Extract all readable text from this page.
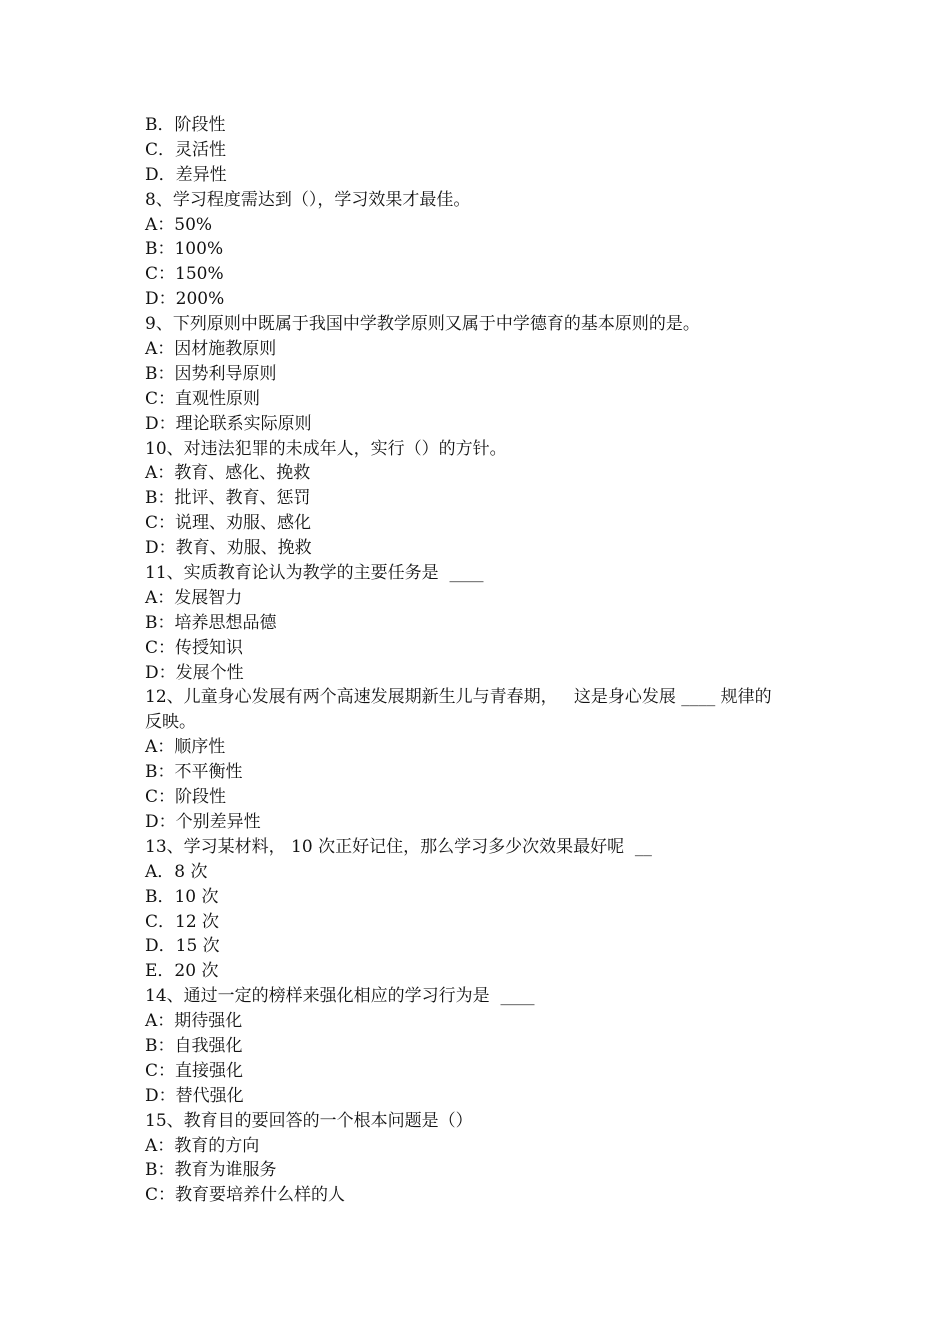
B．阶段性
C．灵活性
D．差异性
8、学习程度需达到（），学习效果才最佳。
A：50%
B：100%
C：150%
D：200%
9、下列原则中既属于我国中学教学原则又属于中学德育的基本原则的是。
A：因材施教原则
B：因势利导原则
C：直观性原则
D：理论联系实际原则
10、对违法犯罪的未成年人，实行（）的方针。
A：教育、感化、挽救
B：批评、教育、惩罚
C：说理、劝服、感化
D：教育、劝服、挽救
11、实质教育论认为教学的主要任务是  ____
A：发展智力
B：培养思想品德
C：传授知识
D：发展个性
12、儿童身心发展有两个高速发展期新生儿与青春期，   这是身心发展 ____ 规律的
反映。
A：顺序性
B：不平衡性
C：阶段性
D：个别差异性
13、学习某材料， 10 次正好记住，那么学习多少次效果最好呢  __
A．8 次
B．10 次
C．12 次
D．15 次
E．20 次
14、通过一定的榜样来强化相应的学习行为是  ____
A：期待强化
B：自我强化
C：直接强化
D：替代强化
15、教育目的要回答的一个根本问题是（）
A：教育的方向
B：教育为谁服务
C：教育要培养什么样的人
